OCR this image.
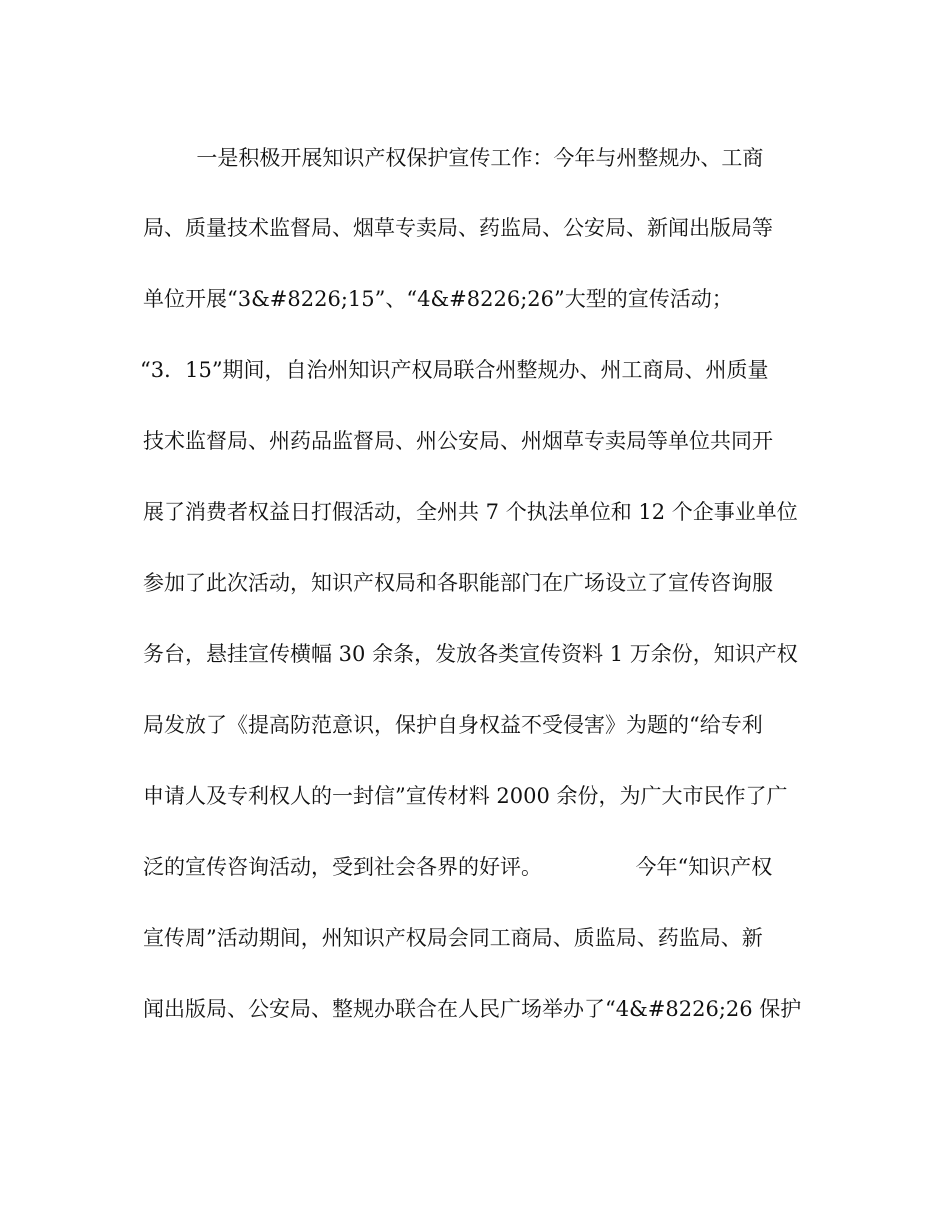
一是积极开展知识产权保护宣传工作：今年与州整规办、工商
局、质量技术监督局、烟草专卖局、药监局、公安局、新闻出版局等
单位开展“3&#8226;15”、“4&#8226;26”大型的宣传活动；
“3．15”期间，自治州知识产权局联合州整规办、州工商局、州质量
技术监督局、州药品监督局、州公安局、州烟草专卖局等单位共同开
展了消费者权益日打假活动，全州共 7 个执法单位和 12 个企事业单位
参加了此次活动，知识产权局和各职能部门在广场设立了宣传咨询服
务台，悬挂宣传横幅 30 余条，发放各类宣传资料 1 万余份，知识产权
局发放了《提高防范意识，保护自身权益不受侵害》为题的“给专利
申请人及专利权人的一封信”宣传材料 2000 余份，为广大市民作了广
泛的宣传咨询活动，受到社会各界的好评。              今年“知识产权
宣传周”活动期间，州知识产权局会同工商局、质监局、药监局、新
闻出版局、公安局、整规办联合在人民广场举办了“4&#8226;26 保护
